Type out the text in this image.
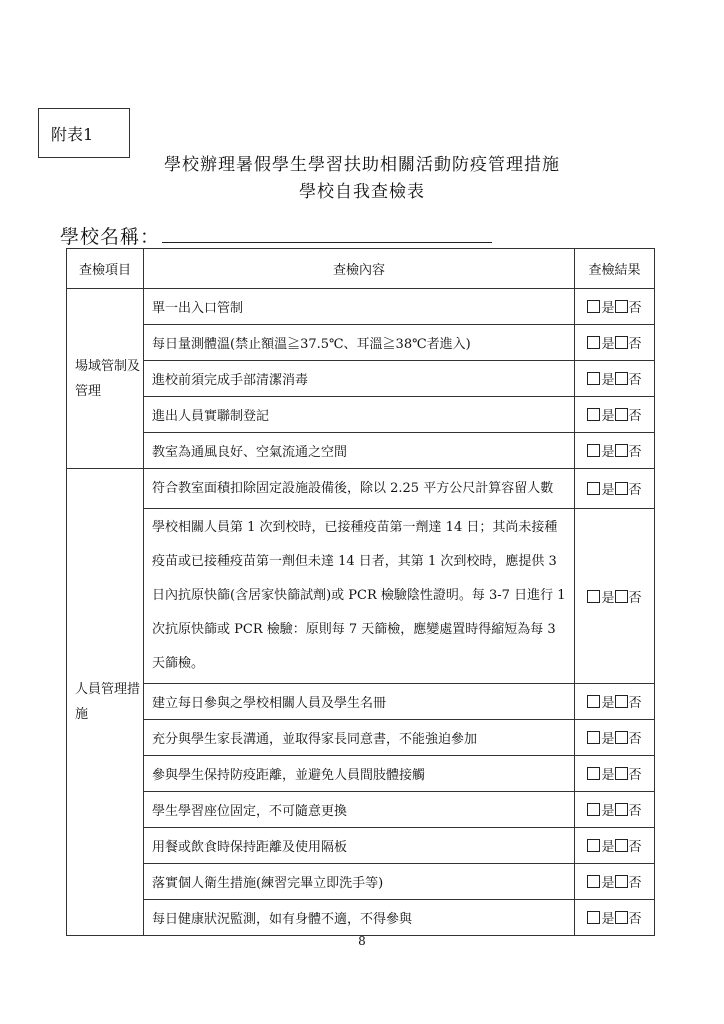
附表1
學校辦理暑假學生學習扶助相關活動防疫管理措施
學校自我查檢表
學校名稱：
查檢項目	查檢內容	查檢結果
場域管制及管理	單一出入口管制	是 否
	每日量測體溫(禁止額溫≧37.5℃、耳溫≧38℃者進入)	是 否
	進校前須完成手部清潔消毒	是 否
	進出人員實聯制登記	是 否
	教室為通風良好、空氣流通之空間	是 否
人員管理措施	符合教室面積扣除固定設施設備後，除以 2.25 平方公尺計算容留人數	是 否
	學校相關人員第 1 次到校時，已接種疫苗第一劑達 14 日；其尚未接種疫苗或已接種疫苗第一劑但未達 14 日者，其第 1 次到校時，應提供 3 日內抗原快篩(含居家快篩試劑)或 PCR 檢驗陰性證明。每 3-7 日進行 1 次抗原快篩或 PCR 檢驗：原則每 7 天篩檢，應變處置時得縮短為每 3 天篩檢。	是 否
	建立每日參與之學校相關人員及學生名冊	是 否
	充分與學生家長溝通，並取得家長同意書，不能強迫參加	是 否
	參與學生保持防疫距離，並避免人員間肢體接觸	是 否
	學生學習座位固定，不可隨意更換	是 否
	用餐或飲食時保持距離及使用隔板	是 否
	落實個人衛生措施(練習完畢立即洗手等)	是 否
	每日健康狀況監測，如有身體不適，不得參與	是 否
8
